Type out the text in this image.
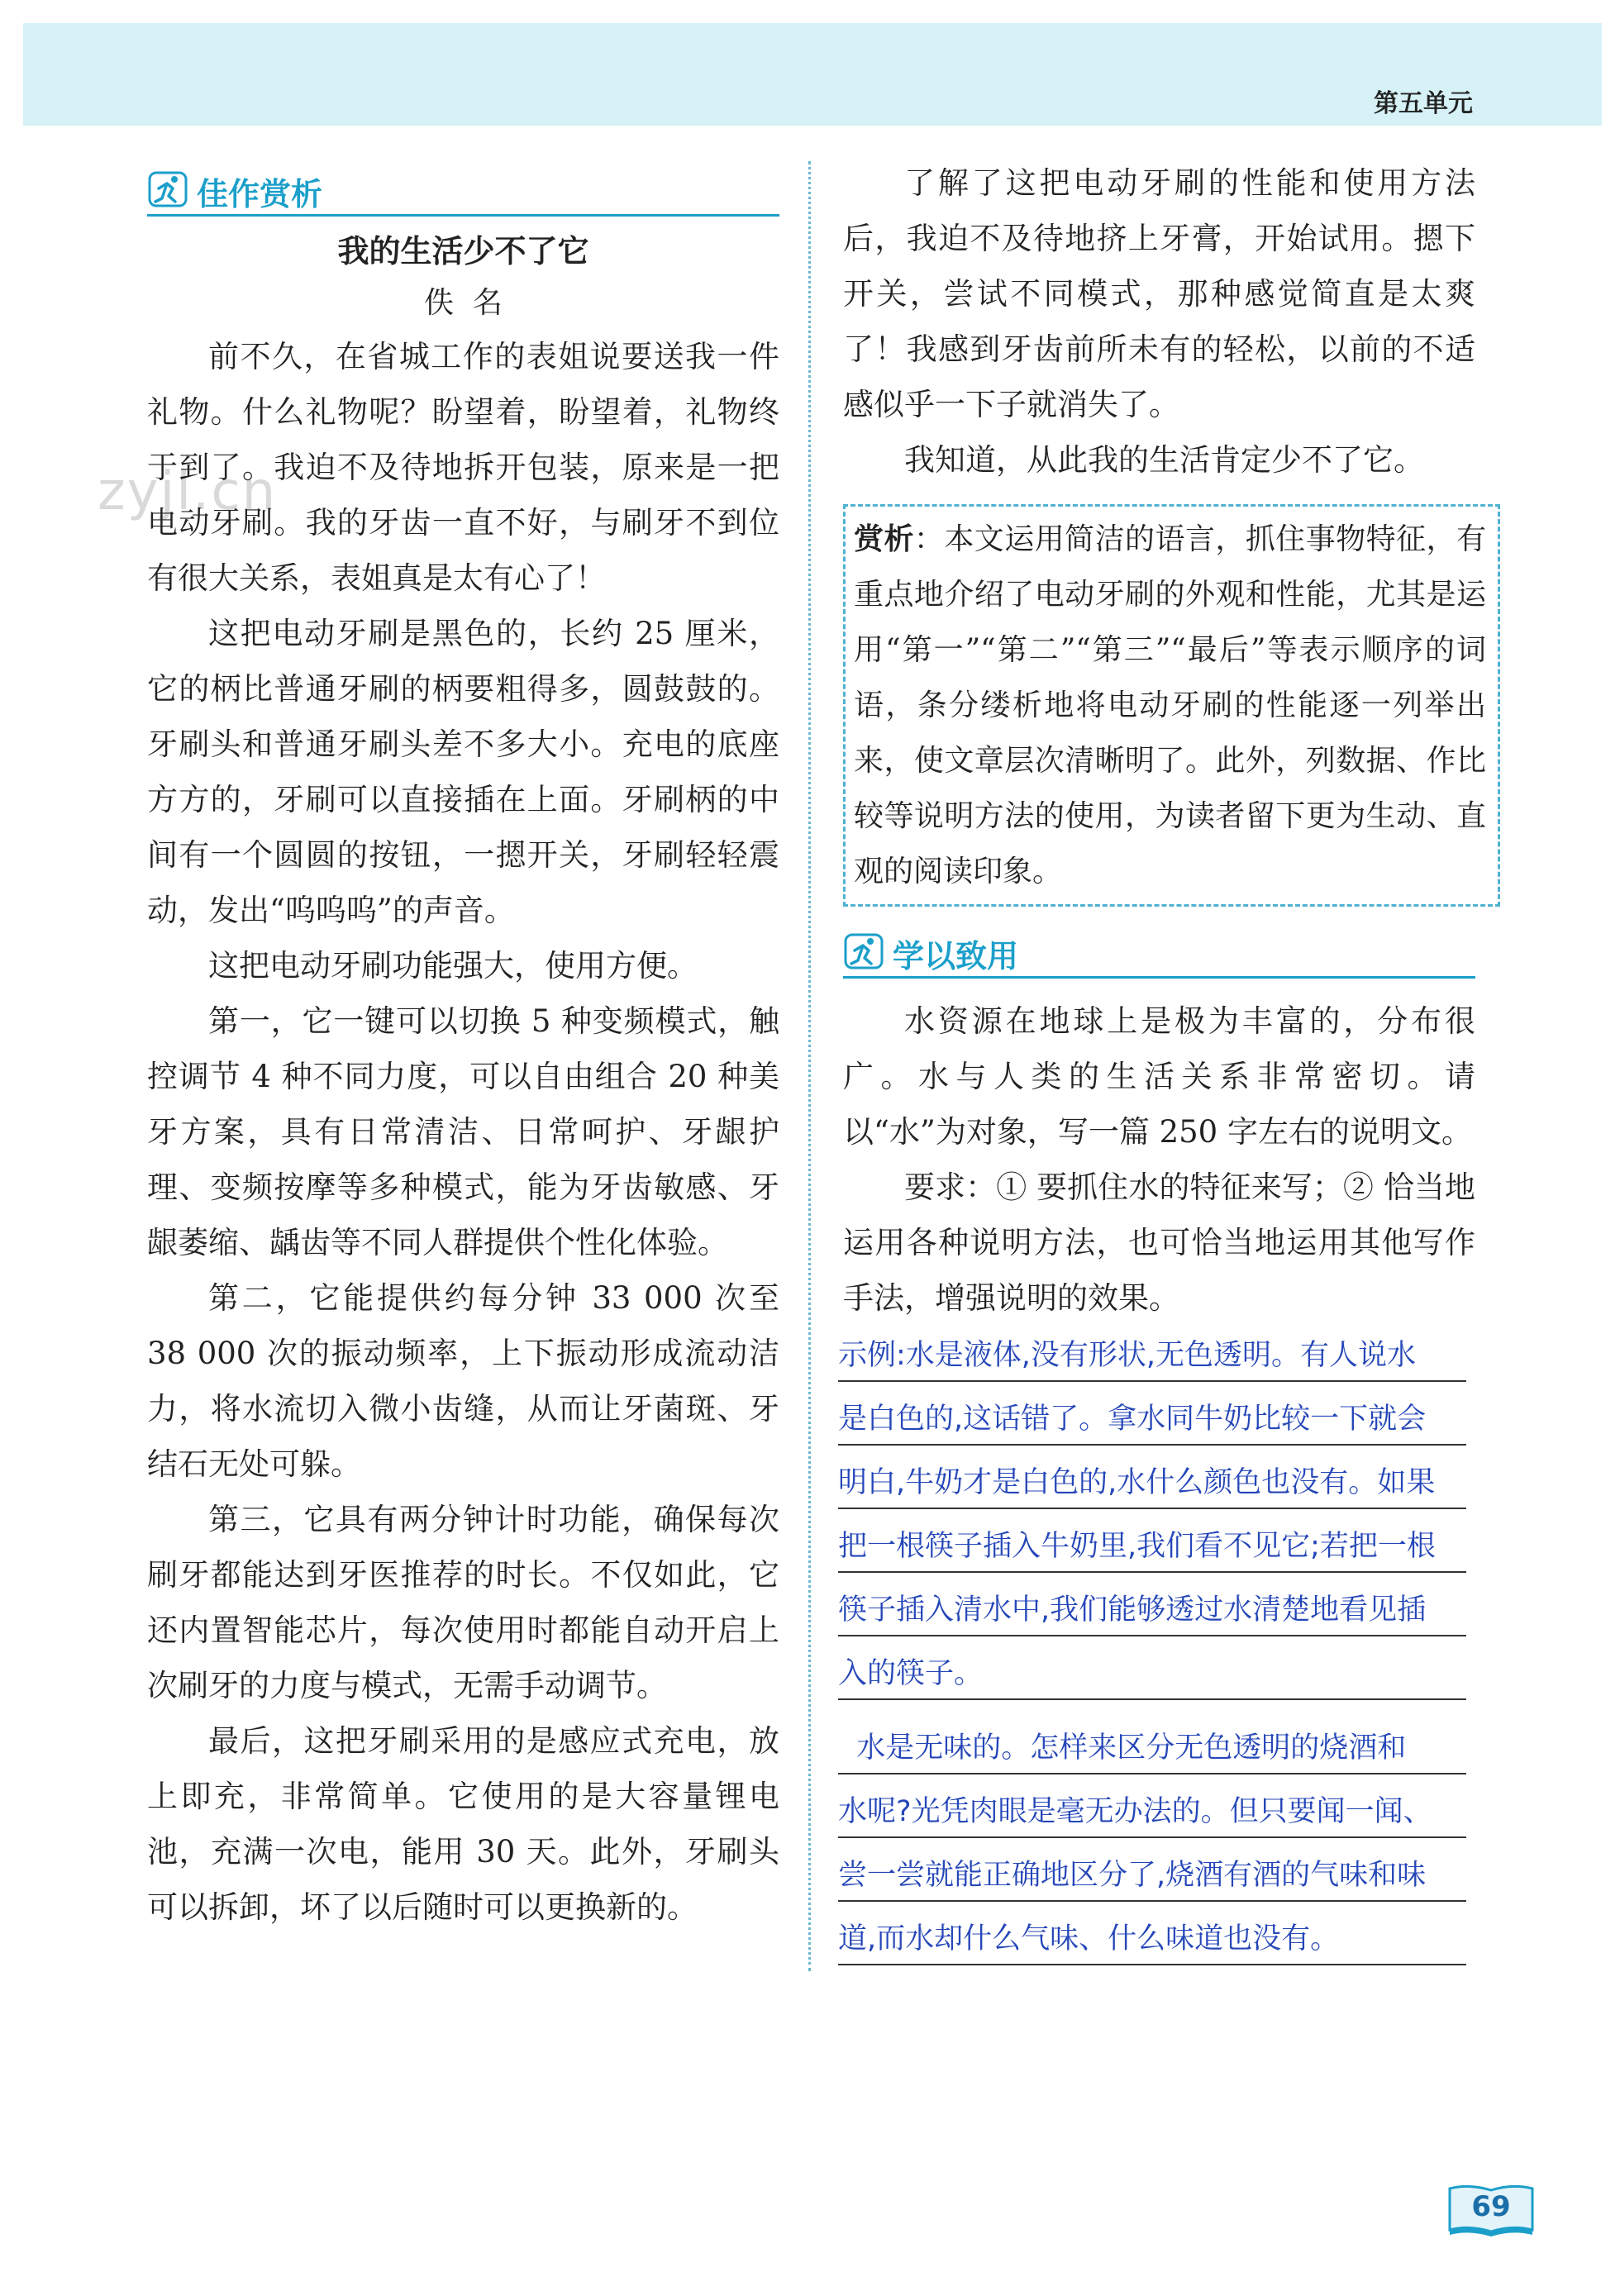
第五单元
zyjl.cn
佳作赏析
我的生活少不了它
佚  名

前不久，在省城工作的表姐说要送我一件礼物。什么礼物呢？盼望着，盼望着，礼物终于到了。我迫不及待地拆开包装，原来是一把电动牙刷。我的牙齿一直不好，与刷牙不到位有很大关系，表姐真是太有心了！

这把电动牙刷是黑色的，长约 25 厘米，它的柄比普通牙刷的柄要粗得多，圆鼓鼓的。牙刷头和普通牙刷头差不多大小。充电的底座方方的，牙刷可以直接插在上面。牙刷柄的中间有一个圆圆的按钮，一摁开关，牙刷轻轻震动，发出“呜呜呜”的声音。

这把电动牙刷功能强大，使用方便。

第一，它一键可以切换 5 种变频模式，触控调节 4 种不同力度，可以自由组合 20 种美牙方案，具有日常清洁、日常呵护、牙龈护理、变频按摩等多种模式，能为牙齿敏感、牙龈萎缩、龋齿等不同人群提供个性化体验。

第二，它能提供约每分钟 33 000 次至 38 000 次的振动频率，上下振动形成流动洁力，将水流切入微小齿缝，从而让牙菌斑、牙结石无处可躲。

第三，它具有两分钟计时功能，确保每次刷牙都能达到牙医推荐的时长。不仅如此，它还内置智能芯片，每次使用时都能自动开启上次刷牙的力度与模式，无需手动调节。

最后，这把牙刷采用的是感应式充电，放上即充，非常简单。它使用的是大容量锂电池，充满一次电，能用 30 天。此外，牙刷头可以拆卸，坏了以后随时可以更换新的。

了解了这把电动牙刷的性能和使用方法后，我迫不及待地挤上牙膏，开始试用。摁下开关，尝试不同模式，那种感觉简直是太爽了！我感到牙齿前所未有的轻松，以前的不适感似乎一下子就消失了。

我知道，从此我的生活肯定少不了它。

赏析：本文运用简洁的语言，抓住事物特征，有重点地介绍了电动牙刷的外观和性能，尤其是运用“第一”“第二”“第三”“最后”等表示顺序的词语，条分缕析地将电动牙刷的性能逐一列举出来，使文章层次清晰明了。此外，列数据、作比较等说明方法的使用，为读者留下更为生动、直观的阅读印象。
学以致用

水资源在地球上是极为丰富的，分布很广。水与人类的生活关系非常密切。请以“水”为对象，写一篇 250 字左右的说明文。

要求：① 要抓住水的特征来写；② 恰当地运用各种说明方法，也可恰当地运用其他写作手法，增强说明的效果。

示例:水是液体,没有形状,无色透明。有人说水
是白色的,这话错了。拿水同牛奶比较一下就会
明白,牛奶才是白色的,水什么颜色也没有。如果
把一根筷子插入牛奶里,我们看不见它;若把一根
筷子插入清水中,我们能够透过水清楚地看见插
入的筷子。
水是无味的。怎样来区分无色透明的烧酒和
水呢?光凭肉眼是毫无办法的。但只要闻一闻、
尝一尝就能正确地区分了,烧酒有酒的气味和味
道,而水却什么气味、什么味道也没有。
69
